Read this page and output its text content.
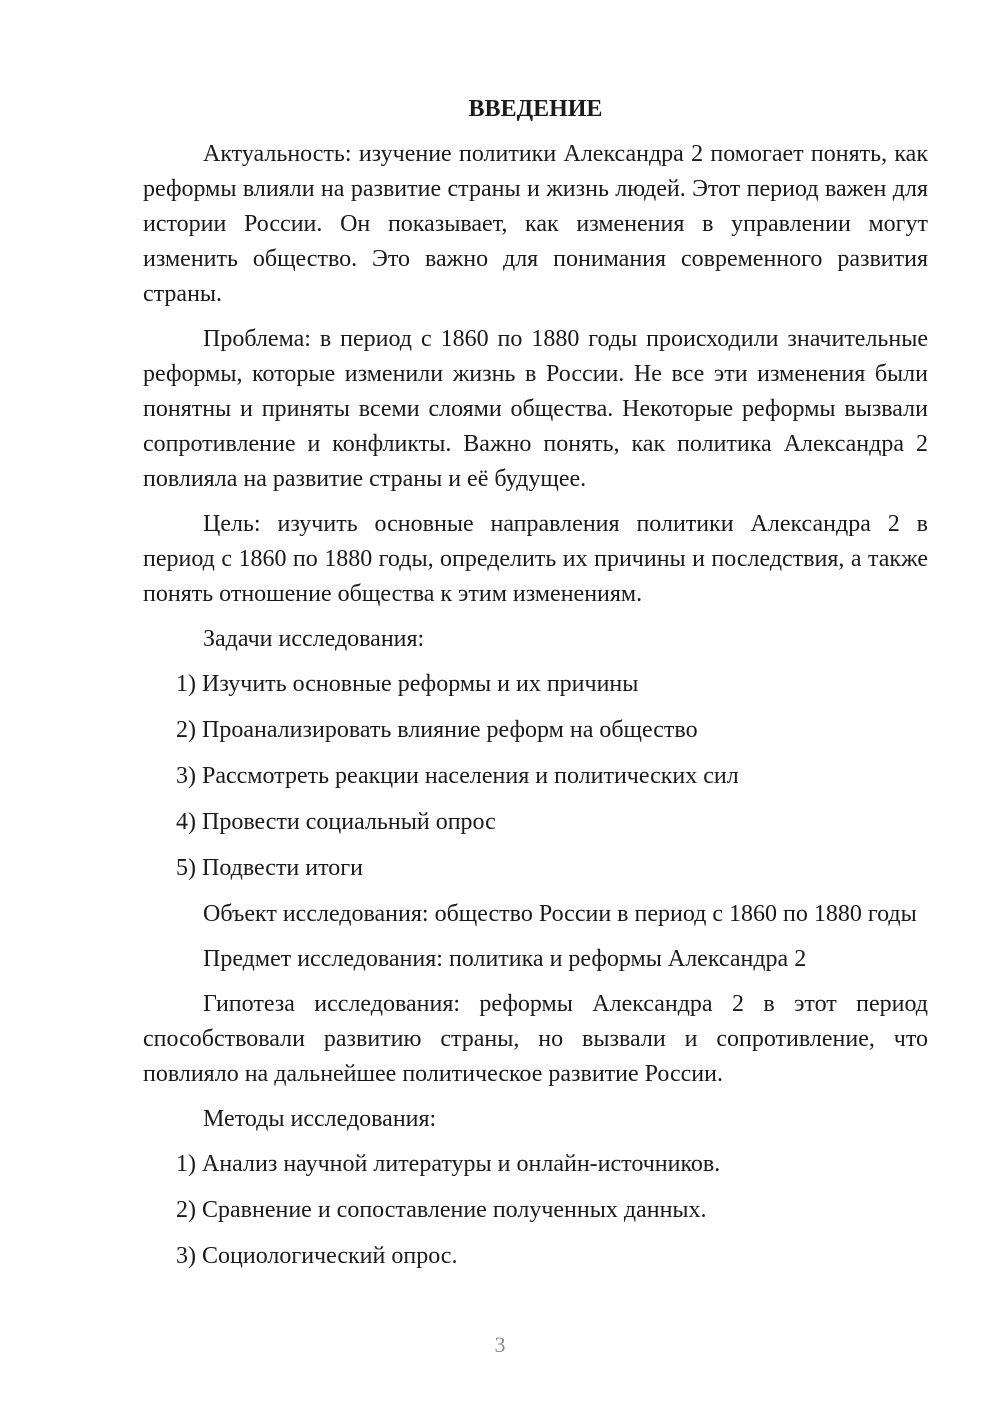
ВВЕДЕНИЕ
Актуальность: изучение политики Александра 2 помогает понять, как реформы влияли на развитие страны и жизнь людей. Этот период важен для истории России. Он показывает, как изменения в управлении могут изменить общество. Это важно для понимания современного развития страны.
Проблема: в период с 1860 по 1880 годы происходили значительные реформы, которые изменили жизнь в России. Не все эти изменения были понятны и приняты всеми слоями общества. Некоторые реформы вызвали сопротивление и конфликты. Важно понять, как политика Александра 2 повлияла на развитие страны и её будущее.
Цель: изучить основные направления политики Александра 2 в период с 1860 по 1880 годы, определить их причины и последствия, а также понять отношение общества к этим изменениям.
Задачи исследования:
1) Изучить основные реформы и их причины
2) Проанализировать влияние реформ на общество
3) Рассмотреть реакции населения и политических сил
4) Провести социальный опрос
5) Подвести итоги
Объект исследования: общество России в период с 1860 по 1880 годы
Предмет исследования: политика и реформы Александра 2
Гипотеза исследования: реформы Александра 2 в этот период способствовали развитию страны, но вызвали и сопротивление, что повлияло на дальнейшее политическое развитие России.
Методы исследования:
1) Анализ научной литературы и онлайн-источников.
2) Сравнение и сопоставление полученных данных.
3) Социологический опрос.
3
